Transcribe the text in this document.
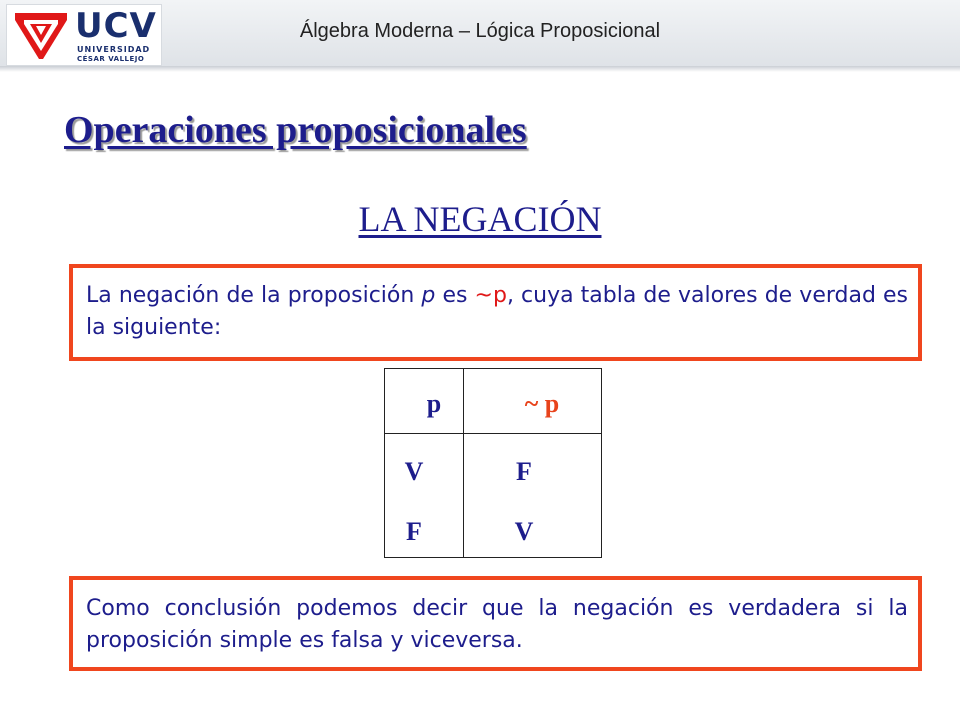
UCV
UNIVERSIDAD
CÉSAR VALLEJO
Álgebra Moderna – Lógica Proposicional
Operaciones proposicionales
LA NEGACIÓN

La negación de la proposición p es ~p, cuya tabla de valores de verdad es la siguiente:

p	~ p
V	F
F	V

Como conclusión podemos decir que la negación es verdadera si la proposición simple es falsa y viceversa.
